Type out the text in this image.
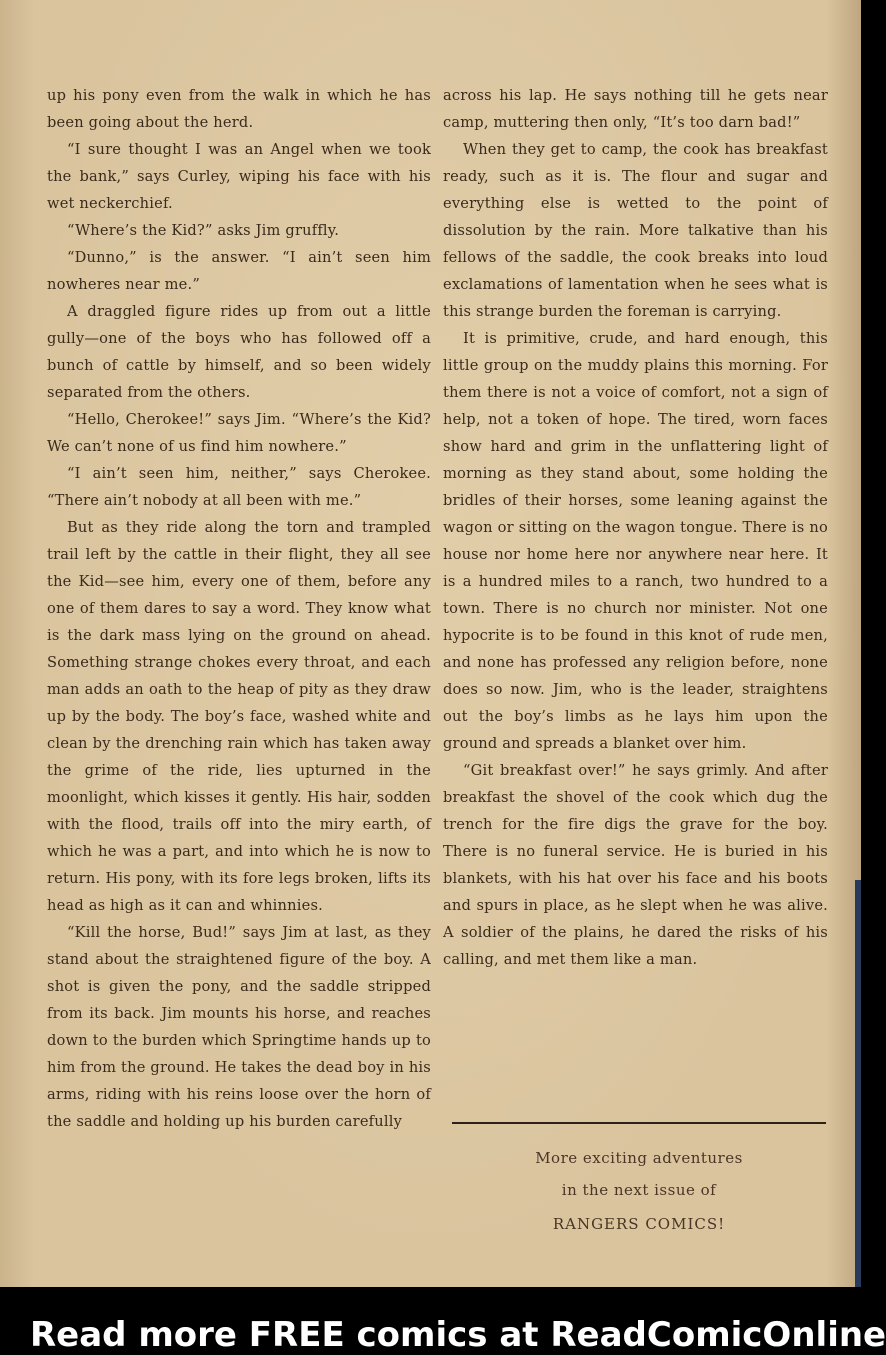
up his pony even from the walk in which he has been going about the herd.

“I sure thought I was an Angel when we took the bank,” says Curley, wiping his face with his wet neckerchief.

“Where’s the Kid?” asks Jim gruffly.

“Dunno,” is the answer. “I ain’t seen him nowheres near me.”

A draggled figure rides up from out a little gully—one of the boys who has followed off a bunch of cattle by himself, and so been widely separated from the others.

“Hello, Cherokee!” says Jim. “Where’s the Kid? We can’t none of us find him nowhere.”

“I ain’t seen him, neither,” says Cherokee. “There ain’t nobody at all been with me.”

But as they ride along the torn and trampled trail left by the cattle in their flight, they all see the Kid—see him, every one of them, before any one of them dares to say a word. They know what is the dark mass lying on the ground on ahead. Something strange chokes every throat, and each man adds an oath to the heap of pity as they draw up by the body. The boy’s face, washed white and clean by the drenching rain which has taken away the grime of the ride, lies upturned in the moonlight, which kisses it gently. His hair, sodden with the flood, trails off into the miry earth, of which he was a part, and into which he is now to return. His pony, with its fore legs broken, lifts its head as high as it can and whinnies.

“Kill the horse, Bud!” says Jim at last, as they stand about the straightened figure of the boy. A shot is given the pony, and the saddle stripped from its back. Jim mounts his horse, and reaches down to the burden which Springtime hands up to him from the ground. He takes the dead boy in his arms, riding with his reins loose over the horn of the saddle and holding up his burden carefully

across his lap. He says nothing till he gets near camp, muttering then only, “It’s too darn bad!”

When they get to camp, the cook has breakfast ready, such as it is. The flour and sugar and everything else is wetted to the point of dissolution by the rain. More talkative than his fellows of the saddle, the cook breaks into loud exclamations of lamentation when he sees what is this strange burden the foreman is carrying.

It is primitive, crude, and hard enough, this little group on the muddy plains this morning. For them there is not a voice of comfort, not a sign of help, not a token of hope. The tired, worn faces show hard and grim in the unflattering light of morning as they stand about, some holding the bridles of their horses, some leaning against the wagon or sitting on the wagon tongue. There is no house nor home here nor anywhere near here. It is a hundred miles to a ranch, two hundred to a town. There is no church nor minister. Not one hypocrite is to be found in this knot of rude men, and none has professed any religion before, none does so now. Jim, who is the leader, straightens out the boy’s limbs as he lays him upon the ground and spreads a blanket over him.

“Git breakfast over!” he says grimly. And after breakfast the shovel of the cook which dug the trench for the fire digs the grave for the boy. There is no funeral service. He is buried in his blankets, with his hat over his face and his boots and spurs in place, as he slept when he was alive. A soldier of the plains, he dared the risks of his calling, and met them like a man.

More exciting adventures
in the next issue of
RANGERS COMICS!
Read more FREE comics at ReadComicOnline
